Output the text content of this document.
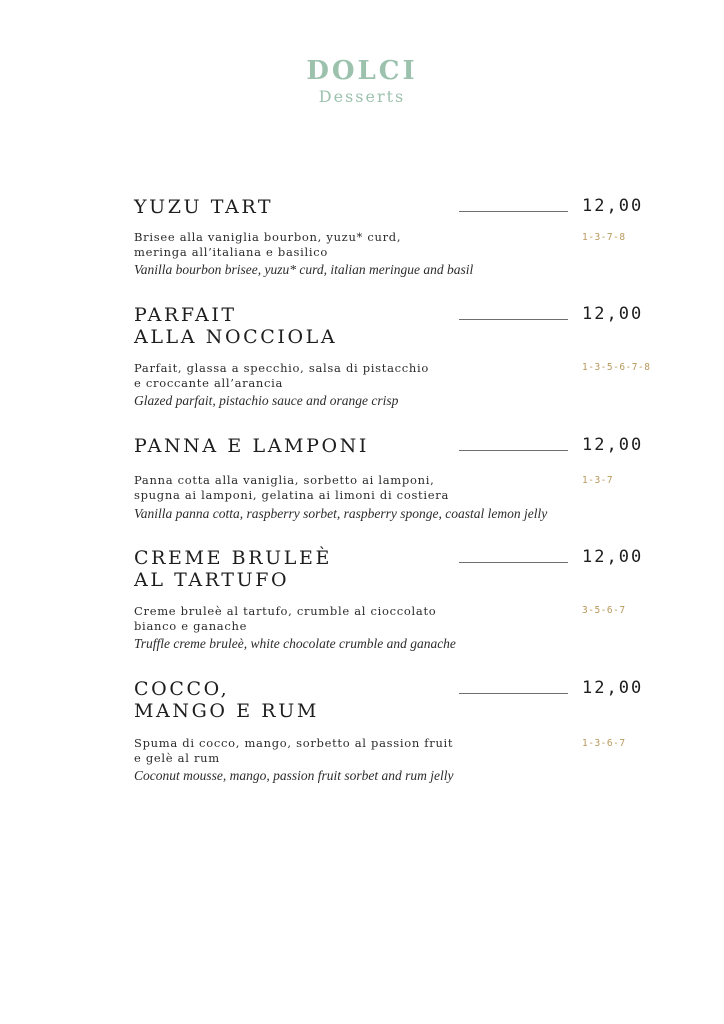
DOLCI
Desserts
YUZU TART	12,00
1-3-7-8
Brisee alla vaniglia bourbon, yuzu* curd,
meringa all’italiana e basilico
Vanilla bourbon brisee, yuzu* curd, italian meringue and basil
PARFAIT
ALLA NOCCIOLA
12,00
1-3-5-6-7-8
Parfait, glassa a specchio, salsa di pistacchio
e croccante all’arancia
Glazed parfait, pistachio sauce and orange crisp
PANNA E LAMPONI	12,00
1-3-7
Panna cotta alla vaniglia, sorbetto ai lamponi,
spugna ai lamponi, gelatina ai limoni di costiera
Vanilla panna cotta, raspberry sorbet, raspberry sponge, coastal lemon jelly
CREME BRULEÈ
AL TARTUFO
12,00
3-5-6-7
Creme bruleè al tartufo, crumble al cioccolato
bianco e ganache
Truffle creme bruleè, white chocolate crumble and ganache
COCCO,
MANGO E RUM
12,00
1-3-6-7
Spuma di cocco, mango, sorbetto al passion fruit
e gelè al rum
Coconut mousse, mango, passion fruit sorbet and rum jelly
